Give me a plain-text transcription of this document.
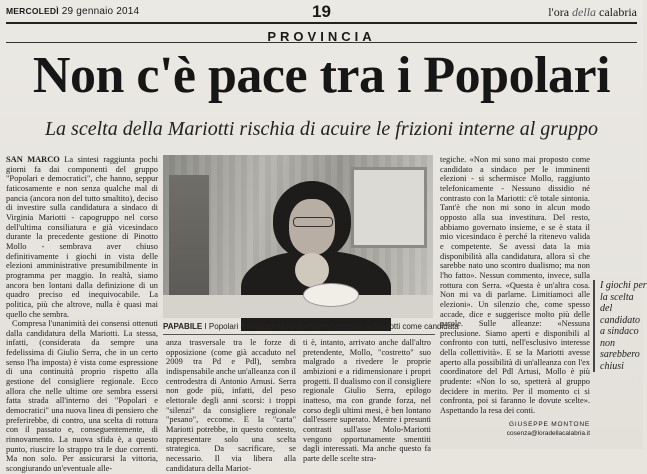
MERCOLEDÌ 29 gennaio 2014	19	l'ora della calabria
PROVINCIA
Non c'è pace tra i Popolari
La scelta della Mariotti rischia di acuire le frizioni interne al gruppo

SAN MARCO La sintesi raggiunta pochi giorni fa dai componenti del gruppo "Popolari e democratici", che hanno, seppur faticosamente e non senza qualche mal di pancia (ancora non del tutto smaltito), deciso di investire sulla candidatura a sindaco di Virginia Mariotti - capogruppo nel corso dell'ultima consiliatura e già vicesindaco durante la precedente gestione di Pinotto Mollo - sembrava aver chiuso definitivamente i giochi in vista delle elezioni amministrative presumibilmente in programma per maggio. In realtà, siamo ancora ben lontani dalla definizione di un quadro preciso ed inequivocabile. La politica, più che altrove, nulla è quasi mai quello che sembra.

Compresa l'unanimità dei consensi ottenuti dalla candidatura della Mariotti. La stessa, infatti, (considerata da sempre una fedelissima di Giulio Serra, che in un certo senso l'ha imposta) è vista come espressione di una continuità proprio rispetto alla gestione del consigliere regionale. Ecco allora che nelle ultime ore sembra essersi fatta strada all'interno dei "Popolari e democratici" una nuova linea di pensiero che preferirebbe, di contro, una scelta di rottura con il passato e, conseguentemente, di rinnovamento. La nuova sfida è, a questo punto, riuscire lo strappo tra le due correnti. Ma non solo. Per assicurarsi la vittoria, scongiurando un'eventuale alle-

PAPABILE I Popolari e democratici potrebbero scegliere la Mariotti come candidata

anza trasversale tra le forze di opposizione (come già accaduto nel 2009 tra Pd e Pdl), sembra indispensabile anche un'alleanza con il centrodestra di Antonio Arnusi. Serra non gode più, infatti, del peso elettorale degli anni scorsi: i troppi "silenzi" da consigliere regionale "pesano", eccome. E la "carta" Mariotti potrebbe, in questo contesto, rappresentare solo una scelta strategica. Da sacrificare, se necessario. Il via libera alla candidatura della Mariot-

ti è, intanto, arrivato anche dall'altro pretendente, Mollo, "costretto" suo malgrado a rivedere le proprie ambizioni e a ridimensionare i propri progetti. Il dualismo con il consigliere regionale Giulio Serra, epilogo inatteso, ma con grande forza, nel corso degli ultimi mesi, è ben lontano dall'essere superato. Mentre i presunti contrasti sull'asse Molo-Mariotti vengono opportunamente smentiti dagli interessati. Ma anche questo fa parte delle scelte stra-

tegiche. «Non mi sono mai proposto come candidato a sindaco per le imminenti elezioni - si schermisce Mollo, raggiunto telefonicamente - Nessuno dissidio né contrasto con la Mariotti: c'è totale sintonia. Tant'è che non mi sono in alcun modo opposto alla sua investitura. Del resto, abbiamo governato insieme, e se è stata il mio vicesindaco è perché la ritenevo valida e competente. Se avessi data la mia disponibilità alla candidatura, allora sì che sarebbe nato uno scontro dualismo; ma non l'ho fatto». Nessun commento, invece, sulla rottura con Serra. «Questa è un'altra cosa. Non mi va di parlarne. Limitiamoci alle elezioni». Un silenzio che, come spesso accade, dice e suggerisce molto più delle parole. Sulle alleanze: «Nessuna preclusione. Siamo aperti e disponibili al confronto con tutti, nell'esclusivo interesse della collettività». E se la Mariotti avesse aperto alla possibilità di un'alleanza con l'ex coordinatore del Pdl Artusi, Mollo è più prudente: «Non lo so, spetterà al gruppo decidere in merito. Per il momento ci si confronta, poi si faranno le dovute scelte». Aspettando la resa dei conti.

I giochi per la scelta del candidato a sindaco non sarebbero chiusi
GIUSEPPE MONTONE
cosenza@loradellacalabria.it
